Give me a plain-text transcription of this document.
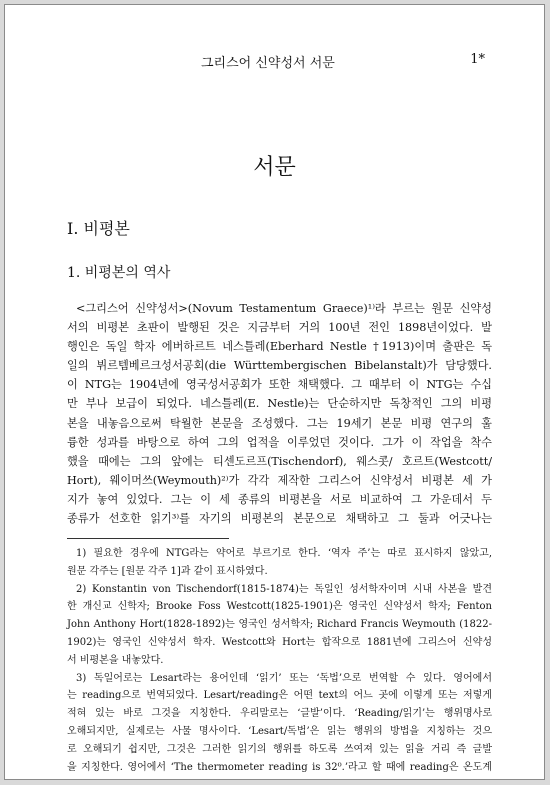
그리스어 신약성서 서문	1*
서문
I. 비평본
1. 비평본의 역사
<그리스어 신약성서>(Novum Testamentum Graece)¹⁾라 부르는 원문 신약성
서의 비평본 초판이 발행된 것은 지금부터 거의 100년 전인 1898년이었다. 발
행인은 독일 학자 에버하르트 네스틀레(Eberhard Nestle †1913)이며 출판은 독
일의 뷔르템베르크성서공회(die Württembergischen Bibelanstalt)가 담당했다.
이 NTG는 1904년에 영국성서공회가 또한 채택했다. 그 때부터 이 NTG는 수십
만 부나 보급이 되었다. 네스틀레(E. Nestle)는 단순하지만 독창적인 그의 비평
본을 내놓음으로써 탁월한 본문을 조성했다. 그는 19세기 본문 비평 연구의 훌
륭한 성과를 바탕으로 하여 그의 업적을 이루었던 것이다. 그가 이 작업을 착수
했을 때에는 그의 앞에는 티센도르프(Tischendorf), 웨스콧/ 호르트(Westcott/
Hort), 웨이머쓰(Weymouth)²⁾가 각각 제작한 그리스어 신약성서 비평본 세 가
지가 놓여 있었다. 그는 이 세 종류의 비평본을 서로 비교하여 그 가운데서 두
종류가 선호한 읽기³⁾를 자기의 비평본의 본문으로 채택하고 그 둘과 어긋나는
1) 필요한 경우에 NTG라는 약어로 부르기로 한다. ‘역자 주’는 따로 표시하지 않았고,
원문 각주는 [원문 각주 1]과 같이 표시하였다.
2) Konstantin von Tischendorf(1815-1874)는 독일인 성서학자이며 시내 사본을 발견
한 개신교 신학자; Brooke Foss Westcott(1825-1901)은 영국인 신약성서 학자; Fenton
John Anthony Hort(1828-1892)는 영국인 성서학자; Richard Francis Weymouth (1822-
1902)는 영국인 신약성서 학자. Westcott와 Hort는 합작으로 1881년에 그리스어 신약성
서 비평본을 내놓았다.
3) 독일어로는 Lesart라는 용어인데 ‘읽기’ 또는 ‘독법’으로 번역할 수 있다. 영어에서
는 reading으로 번역되었다. Lesart/reading은 어떤 text의 어느 곳에 이렇게 또는 저렇게
적혀 있는 바로 그것을 지칭한다. 우리말로는 ‘글발’이다. ‘Reading/읽기’는 행위명사로
오해되지만, 실제로는 사물 명사이다. ‘Lesart/독법’은 읽는 행위의 방법을 지칭하는 것으
로 오해되기 쉽지만, 그것은 그러한 읽기의 행위를 하도록 쓰여져 있는 읽을 거리 즉 글발
을 지칭한다. 영어에서 ‘The thermometer reading is 32⁰.’라고 할 때에 reading은 온도계
